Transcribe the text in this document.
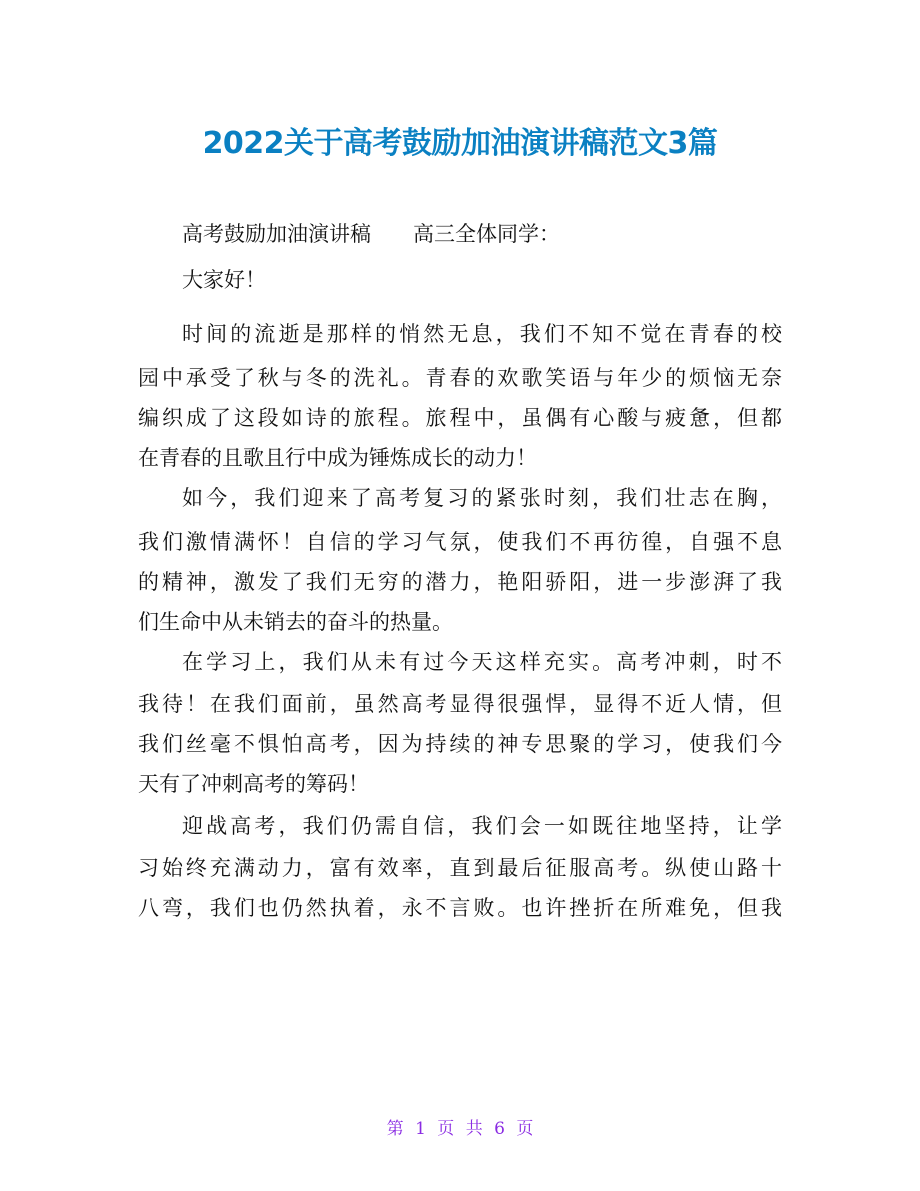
2022关于高考鼓励加油演讲稿范文3篇
高考鼓励加油演讲稿　　高三全体同学：
大家好！
时间的流逝是那样的悄然无息，我们不知不觉在青春的校
园中承受了秋与冬的洗礼。青春的欢歌笑语与年少的烦恼无奈
编织成了这段如诗的旅程。旅程中，虽偶有心酸与疲惫，但都
在青春的且歌且行中成为锤炼成长的动力！
如今，我们迎来了高考复习的紧张时刻，我们壮志在胸，
我们激情满怀！自信的学习气氛，使我们不再彷徨，自强不息
的精神，激发了我们无穷的潜力，艳阳骄阳，进一步澎湃了我
们生命中从未销去的奋斗的热量。
在学习上，我们从未有过今天这样充实。高考冲刺，时不
我待！在我们面前，虽然高考显得很强悍，显得不近人情，但
我们丝毫不惧怕高考，因为持续的神专思聚的学习，使我们今
天有了冲刺高考的筹码！
迎战高考，我们仍需自信，我们会一如既往地坚持，让学
习始终充满动力，富有效率，直到最后征服高考。纵使山路十
八弯，我们也仍然执着，永不言败。也许挫折在所难免，但我
第 1 页 共 6 页
